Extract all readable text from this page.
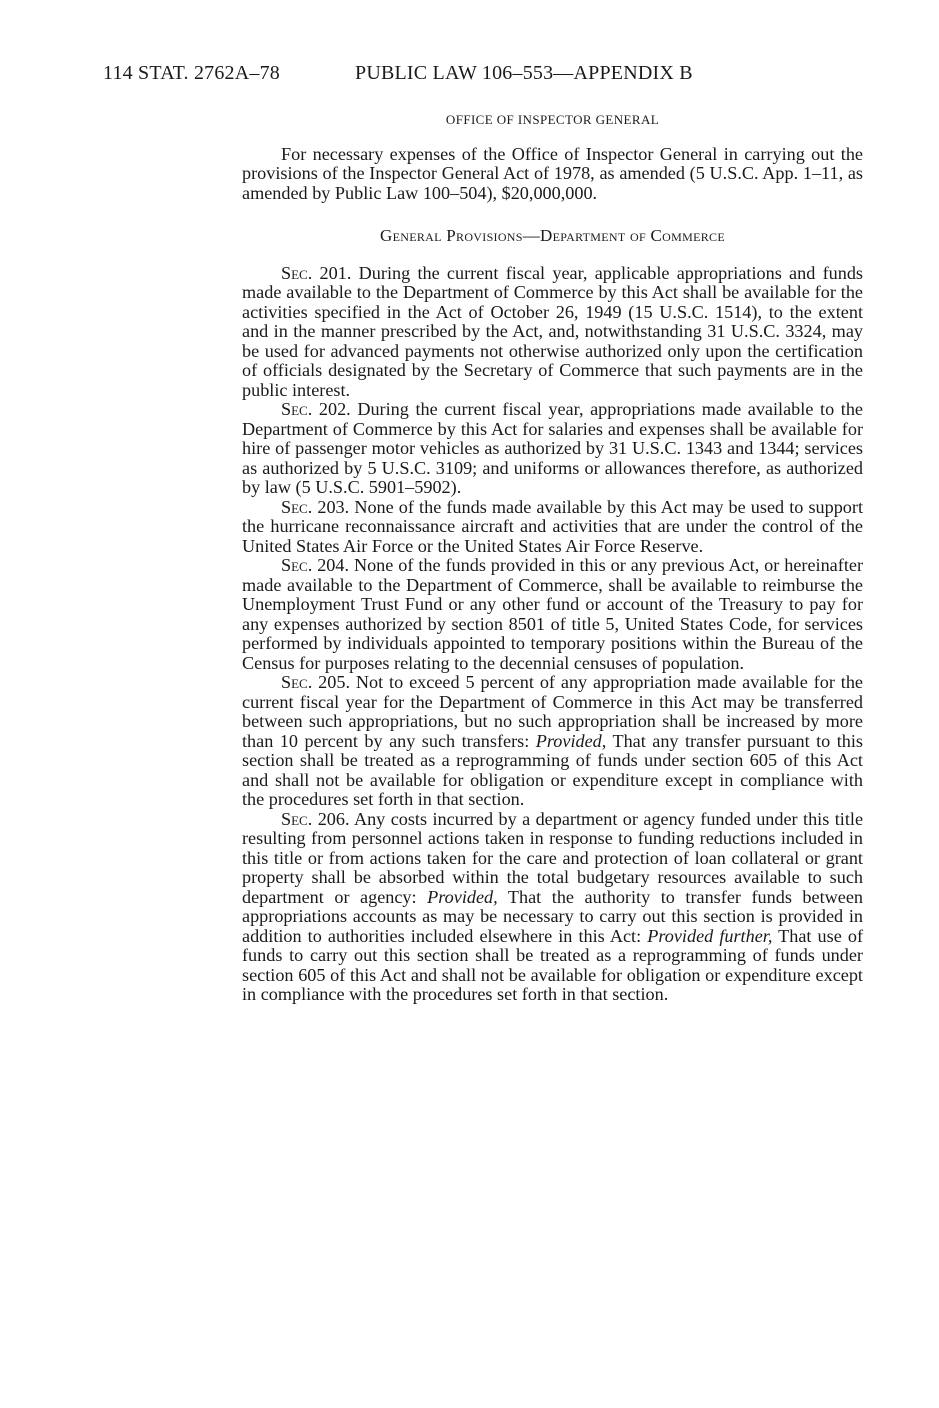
114 STAT. 2762A–78	PUBLIC LAW 106–553—APPENDIX B
OFFICE OF INSPECTOR GENERAL

For necessary expenses of the Office of Inspector General in carrying out the provisions of the Inspector General Act of 1978, as amended (5 U.S.C. App. 1–11, as amended by Public Law 100–504), $20,000,000.

General Provisions—Department of Commerce

Sec. 201. During the current fiscal year, applicable appropriations and funds made available to the Department of Commerce by this Act shall be available for the activities specified in the Act of October 26, 1949 (15 U.S.C. 1514), to the extent and in the manner prescribed by the Act, and, notwithstanding 31 U.S.C. 3324, may be used for advanced payments not otherwise authorized only upon the certification of officials designated by the Secretary of Commerce that such payments are in the public interest.

Sec. 202. During the current fiscal year, appropriations made available to the Department of Commerce by this Act for salaries and expenses shall be available for hire of passenger motor vehicles as authorized by 31 U.S.C. 1343 and 1344; services as authorized by 5 U.S.C. 3109; and uniforms or allowances therefore, as authorized by law (5 U.S.C. 5901–5902).

Sec. 203. None of the funds made available by this Act may be used to support the hurricane reconnaissance aircraft and activities that are under the control of the United States Air Force or the United States Air Force Reserve.

Sec. 204. None of the funds provided in this or any previous Act, or hereinafter made available to the Department of Commerce, shall be available to reimburse the Unemployment Trust Fund or any other fund or account of the Treasury to pay for any expenses authorized by section 8501 of title 5, United States Code, for services performed by individuals appointed to temporary positions within the Bureau of the Census for purposes relating to the decennial censuses of population.

Sec. 205. Not to exceed 5 percent of any appropriation made available for the current fiscal year for the Department of Commerce in this Act may be transferred between such appropriations, but no such appropriation shall be increased by more than 10 percent by any such transfers: Provided, That any transfer pursuant to this section shall be treated as a reprogramming of funds under section 605 of this Act and shall not be available for obligation or expenditure except in compliance with the procedures set forth in that section.

Sec. 206. Any costs incurred by a department or agency funded under this title resulting from personnel actions taken in response to funding reductions included in this title or from actions taken for the care and protection of loan collateral or grant property shall be absorbed within the total budgetary resources available to such department or agency: Provided, That the authority to transfer funds between appropriations accounts as may be necessary to carry out this section is provided in addition to authorities included elsewhere in this Act: Provided further, That use of funds to carry out this section shall be treated as a reprogramming of funds under section 605 of this Act and shall not be available for obligation or expenditure except in compliance with the procedures set forth in that section.
